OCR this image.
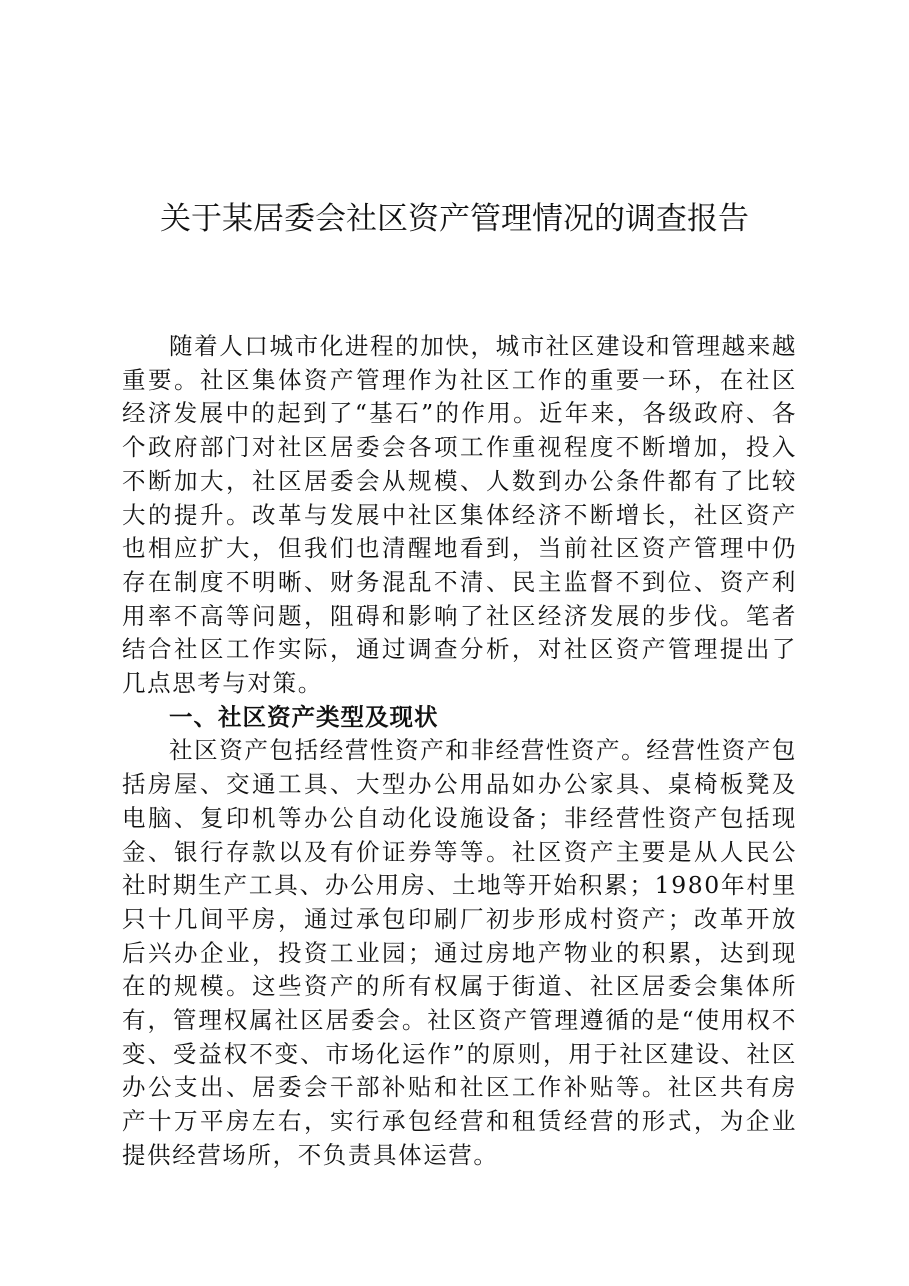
关于某居委会社区资产管理情况的调查报告

随着人口城市化进程的加快，城市社区建设和管理越来越重要。社区集体资产管理作为社区工作的重要一环，在社区经济发展中的起到了“基石”的作用。近年来，各级政府、各个政府部门对社区居委会各项工作重视程度不断增加，投入不断加大，社区居委会从规模、人数到办公条件都有了比较大的提升。改革与发展中社区集体经济不断增长，社区资产也相应扩大，但我们也清醒地看到，当前社区资产管理中仍存在制度不明晰、财务混乱不清、民主监督不到位、资产利用率不高等问题，阻碍和影响了社区经济发展的步伐。笔者结合社区工作实际，通过调查分析，对社区资产管理提出了几点思考与对策。

一、社区资产类型及现状

社区资产包括经营性资产和非经营性资产。经营性资产包括房屋、交通工具、大型办公用品如办公家具、桌椅板凳及电脑、复印机等办公自动化设施设备；非经营性资产包括现金、银行存款以及有价证券等等。社区资产主要是从人民公社时期生产工具、办公用房、土地等开始积累；1980年村里只十几间平房，通过承包印刷厂初步形成村资产；改革开放后兴办企业，投资工业园；通过房地产物业的积累，达到现在的规模。这些资产的所有权属于街道、社区居委会集体所有，管理权属社区居委会。社区资产管理遵循的是“使用权不变、受益权不变、市场化运作”的原则，用于社区建设、社区办公支出、居委会干部补贴和社区工作补贴等。社区共有房产十万平房左右，实行承包经营和租赁经营的形式，为企业提供经营场所，不负责具体运营。
